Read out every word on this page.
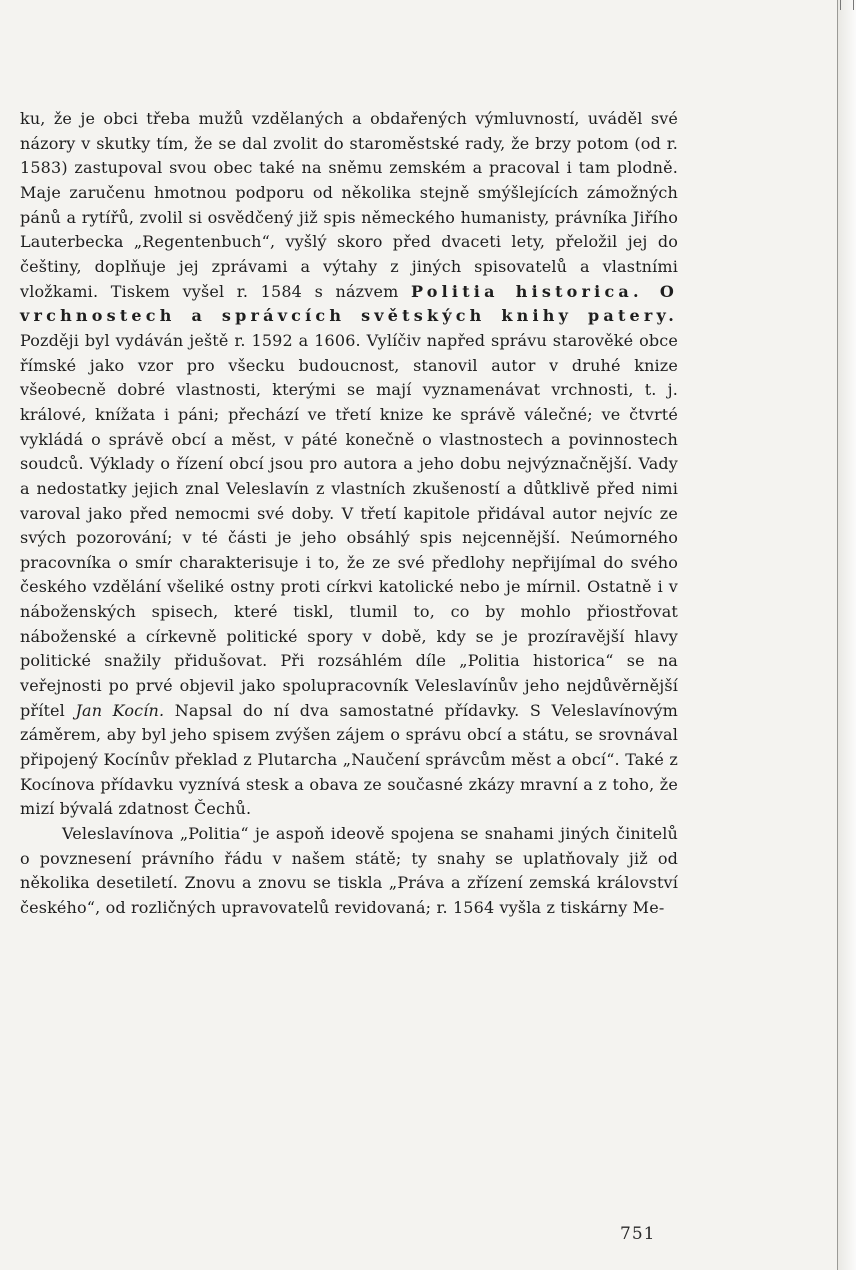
ku, že je obci třeba mužů vzdělaných a obdařených výmluvností, uváděl své názory v skutky tím, že se dal zvolit do staroměstské rady, že brzy potom (od r. 1583) zastupoval svou obec také na sněmu zemském a pracoval i tam plodně. Maje zaručenu hmotnou podporu od několika stejně smýšlejících zámožných pánů a rytířů, zvolil si osvědčený již spis německého humanisty, právníka Jiřího Lauterbecka „Regentenbuch“, vyšlý skoro před dvaceti lety, přeložil jej do češtiny, doplňuje jej zprávami a výtahy z jiných spisovatelů a vlastními vložkami. Tiskem vyšel r. 1584 s názvem Politia historica. O vrchnostech a správcích světských knihy patery. Později byl vydáván ještě r. 1592 a 1606. Vylíčiv napřed správu starověké obce římské jako vzor pro všecku budoucnost, stanovil autor v druhé knize všeobecně dobré vlastnosti, kterými se mají vyznamenávat vrchnosti, t. j. králové, knížata i páni; přechází ve třetí knize ke správě válečné; ve čtvrté vykládá o správě obcí a měst, v páté konečně o vlastnostech a povinnostech soudců. Výklady o řízení obcí jsou pro autora a jeho dobu nejvýznačnější. Vady a nedostatky jejich znal Veleslavín z vlastních zkušeností a důtklivě před nimi varoval jako před nemocmi své doby. V třetí kapitole přidával autor nejvíc ze svých pozorování; v té části je jeho obsáhlý spis nejcennější. Neúmorného pracovníka o smír charakterisuje i to, že ze své předlohy nepřijímal do svého českého vzdělání všeliké ostny proti církvi katolické nebo je mírnil. Ostatně i v náboženských spisech, které tiskl, tlumil to, co by mohlo přiostřovat náboženské a církevně politické spory v době, kdy se je prozíravější hlavy politické snažily přidušovat. Při rozsáhlém díle „Politia historica“ se na veřejnosti po prvé objevil jako spolupracovník Veleslavínův jeho nejdůvěrnější přítel Jan Kocín. Napsal do ní dva samostatné přídavky. S Veleslavínovým záměrem, aby byl jeho spisem zvýšen zájem o správu obcí a státu, se srovnával připojený Kocínův překlad z Plutarcha „Naučení správcům měst a obcí“. Také z Kocínova přídavku vyznívá stesk a obava ze současné zkázy mravní a z toho, že mizí bývalá zdatnost Čechů.

Veleslavínova „Politia“ je aspoň ideově spojena se snahami jiných činitelů o povznesení právního řádu v našem státě; ty snahy se uplatňovaly již od několika desetiletí. Znovu a znovu se tiskla „Práva a zřízení zemská království českého“, od rozličných upravovatelů revidovaná; r. 1564 vyšla z tiskárny Me-

751
